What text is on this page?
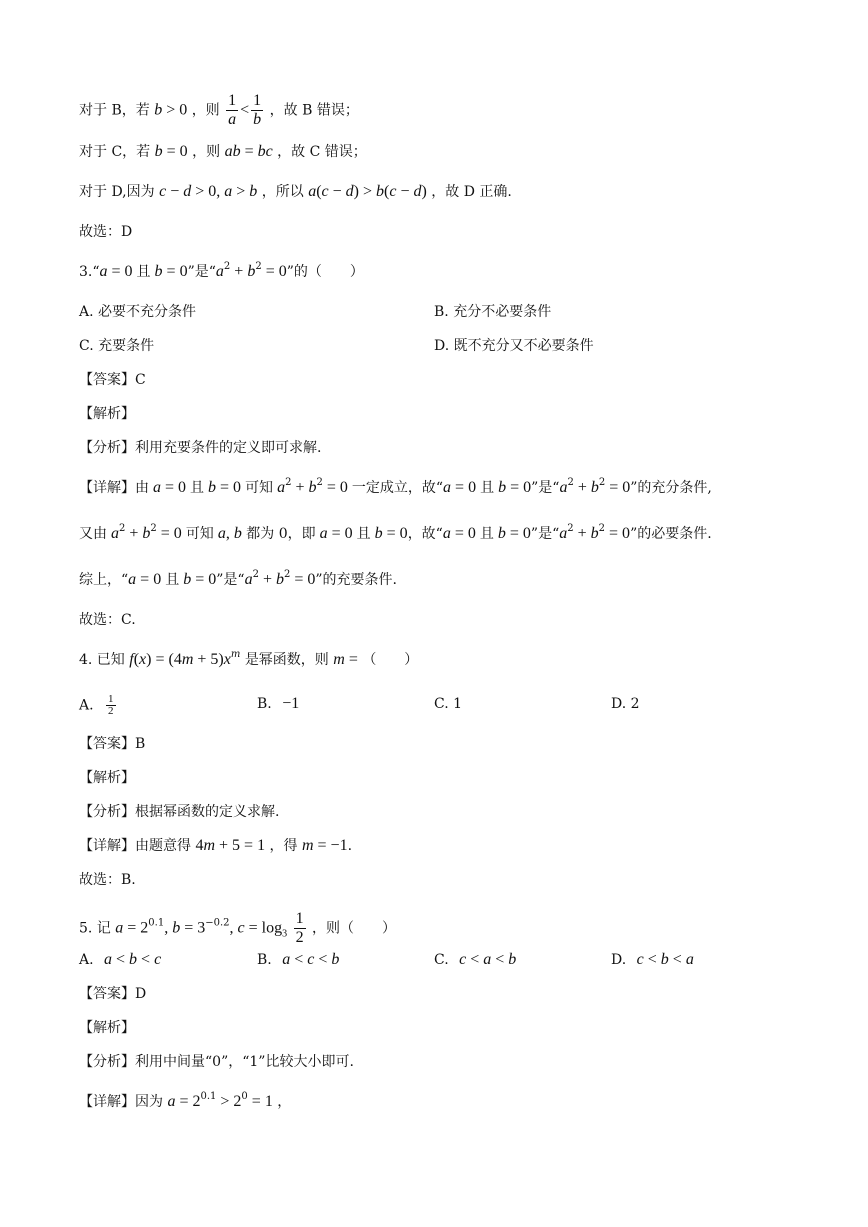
对于 B，若 b > 0 ，则 $\frac{1}{a} < \frac{1}{b}$ ，故 B 错误；
对于 C，若 b = 0 ，则 ab = bc ，故 C 错误；
对于 D,因为 c − d > 0, a > b ，所以 a(c − d) > b(c − d) ，故 D 正确.
故选：D
3.“a = 0 且 b = 0”是“$a^2 + b^2 = 0$”的（　　）
A. 必要不充分条件	B. 充分不必要条件
C. 充要条件	D. 既不充分又不必要条件
【答案】C
【解析】
【分析】利用充要条件的定义即可求解.
【详解】由 a = 0 且 b = 0 可知 $a^2 + b^2 = 0$ 一定成立，故“a = 0 且 b = 0”是“$a^2 + b^2 = 0$”的充分条件,
又由 $a^2 + b^2 = 0$ 可知 a, b 都为 0，即 a = 0 且 b = 0，故“a = 0 且 b = 0”是“$a^2 + b^2 = 0$”的必要条件.
综上，“a = 0 且 b = 0”是“$a^2 + b^2 = 0$”的充要条件.
故选：C.
4. 已知 $f(x) = (4m + 5)x^m$ 是幂函数，则 m = （　　）
A. $\frac{1}{2}$	B. −1	C. 1	D. 2
【答案】B
【解析】
【分析】根据幂函数的定义求解.
【详解】由题意得 4m + 5 = 1 ，得 m = −1.
故选：B.
5. 记 $a = 2^{0.1}$, $b = 3^{-0.2}$, $c = \log_3 \frac{1}{2}$ ，则（　　）
A. a < b < c	B. a < c < b	C. c < a < b	D. c < b < a
【答案】D
【解析】
【分析】利用中间量“0”，“1”比较大小即可.
【详解】因为 $a = 2^{0.1} > 2^0 = 1$ ，
